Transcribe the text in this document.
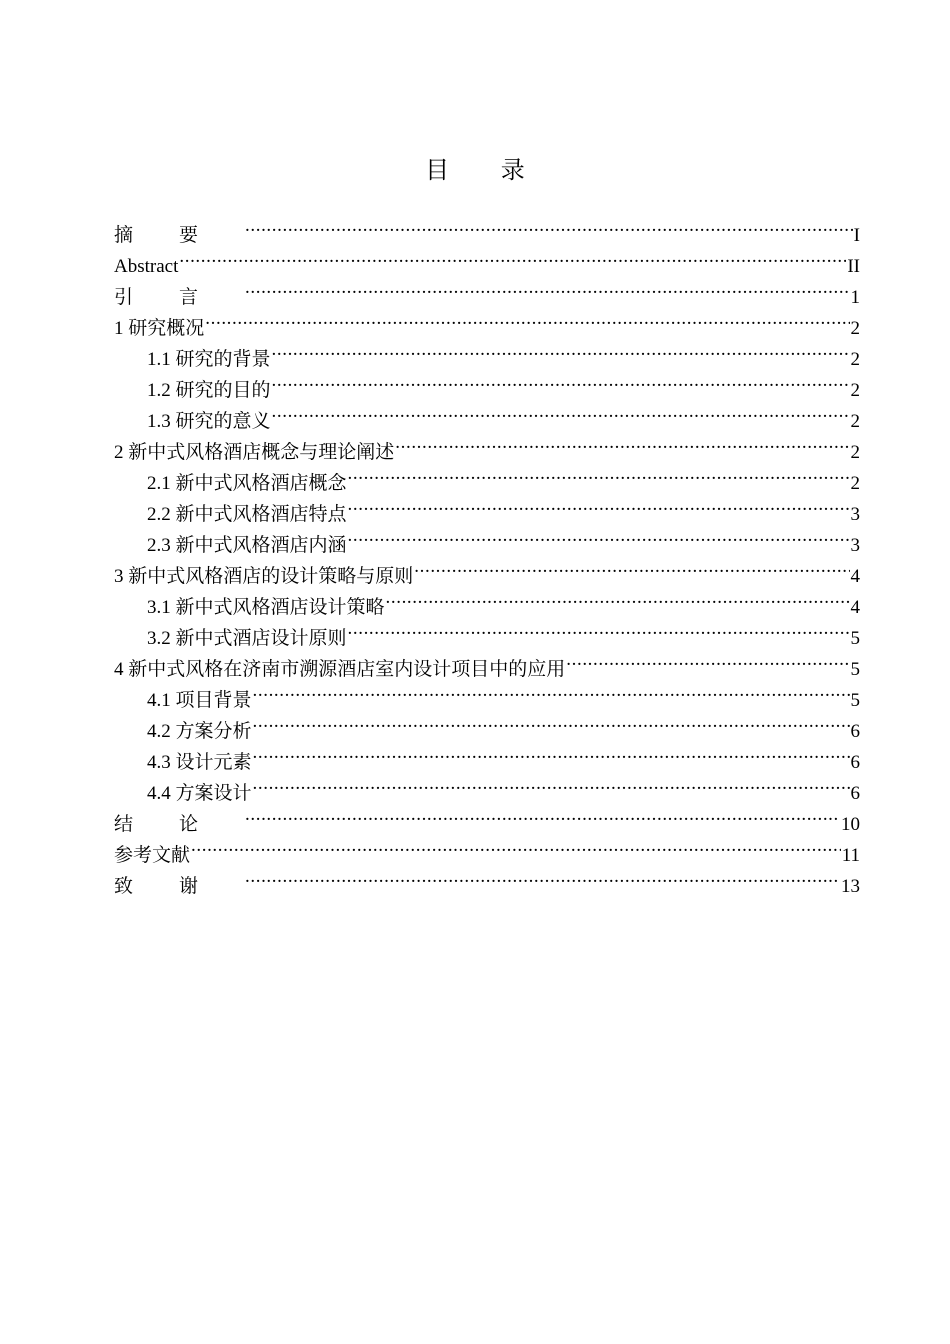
目 录
摘要 .....	I
Abstract .....	II
引言 .....	1
1 研究概况 .....	2
1.1 研究的背景 .....	2
1.2 研究的目的 .....	2
1.3 研究的意义 .....	2
2 新中式风格酒店概念与理论阐述 .....	2
2.1 新中式风格酒店概念 .....	2
2.2 新中式风格酒店特点 .....	3
2.3 新中式风格酒店内涵 .....	3
3 新中式风格酒店的设计策略与原则 .....	4
3.1 新中式风格酒店设计策略 .....	4
3.2 新中式酒店设计原则 .....	5
4 新中式风格在济南市溯源酒店室内设计项目中的应用 .....	5
4.1 项目背景 .....	5
4.2 方案分析 .....	6
4.3 设计元素 .....	6
4.4 方案设计 .....	6
结论 .....	10
参考文献 .....	11
致谢 .....	13
